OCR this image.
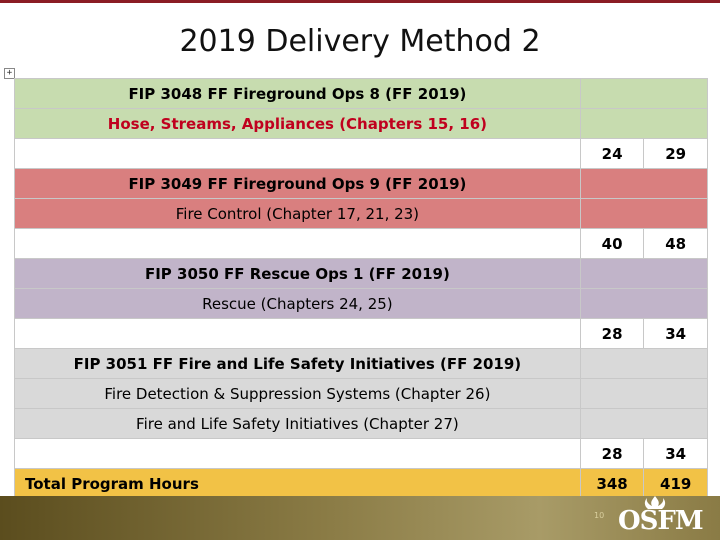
2019 Delivery Method 2
+
FIP 3048 FF Fireground Ops 8 (FF 2019)		
Hose, Streams, Appliances (Chapters 15, 16)		
	24	29
FIP 3049 FF Fireground Ops 9 (FF 2019)		
Fire Control (Chapter 17, 21, 23)		
	40	48
FIP 3050 FF Rescue Ops 1 (FF 2019)		
Rescue (Chapters 24, 25)		
	28	34
FIP 3051 FF Fire and Life Safety Initiatives (FF 2019)		
Fire Detection & Suppression Systems (Chapter 26)		
Fire and Life Safety Initiatives (Chapter 27)		
	28	34
Total Program Hours	348	419
10 OSFM
